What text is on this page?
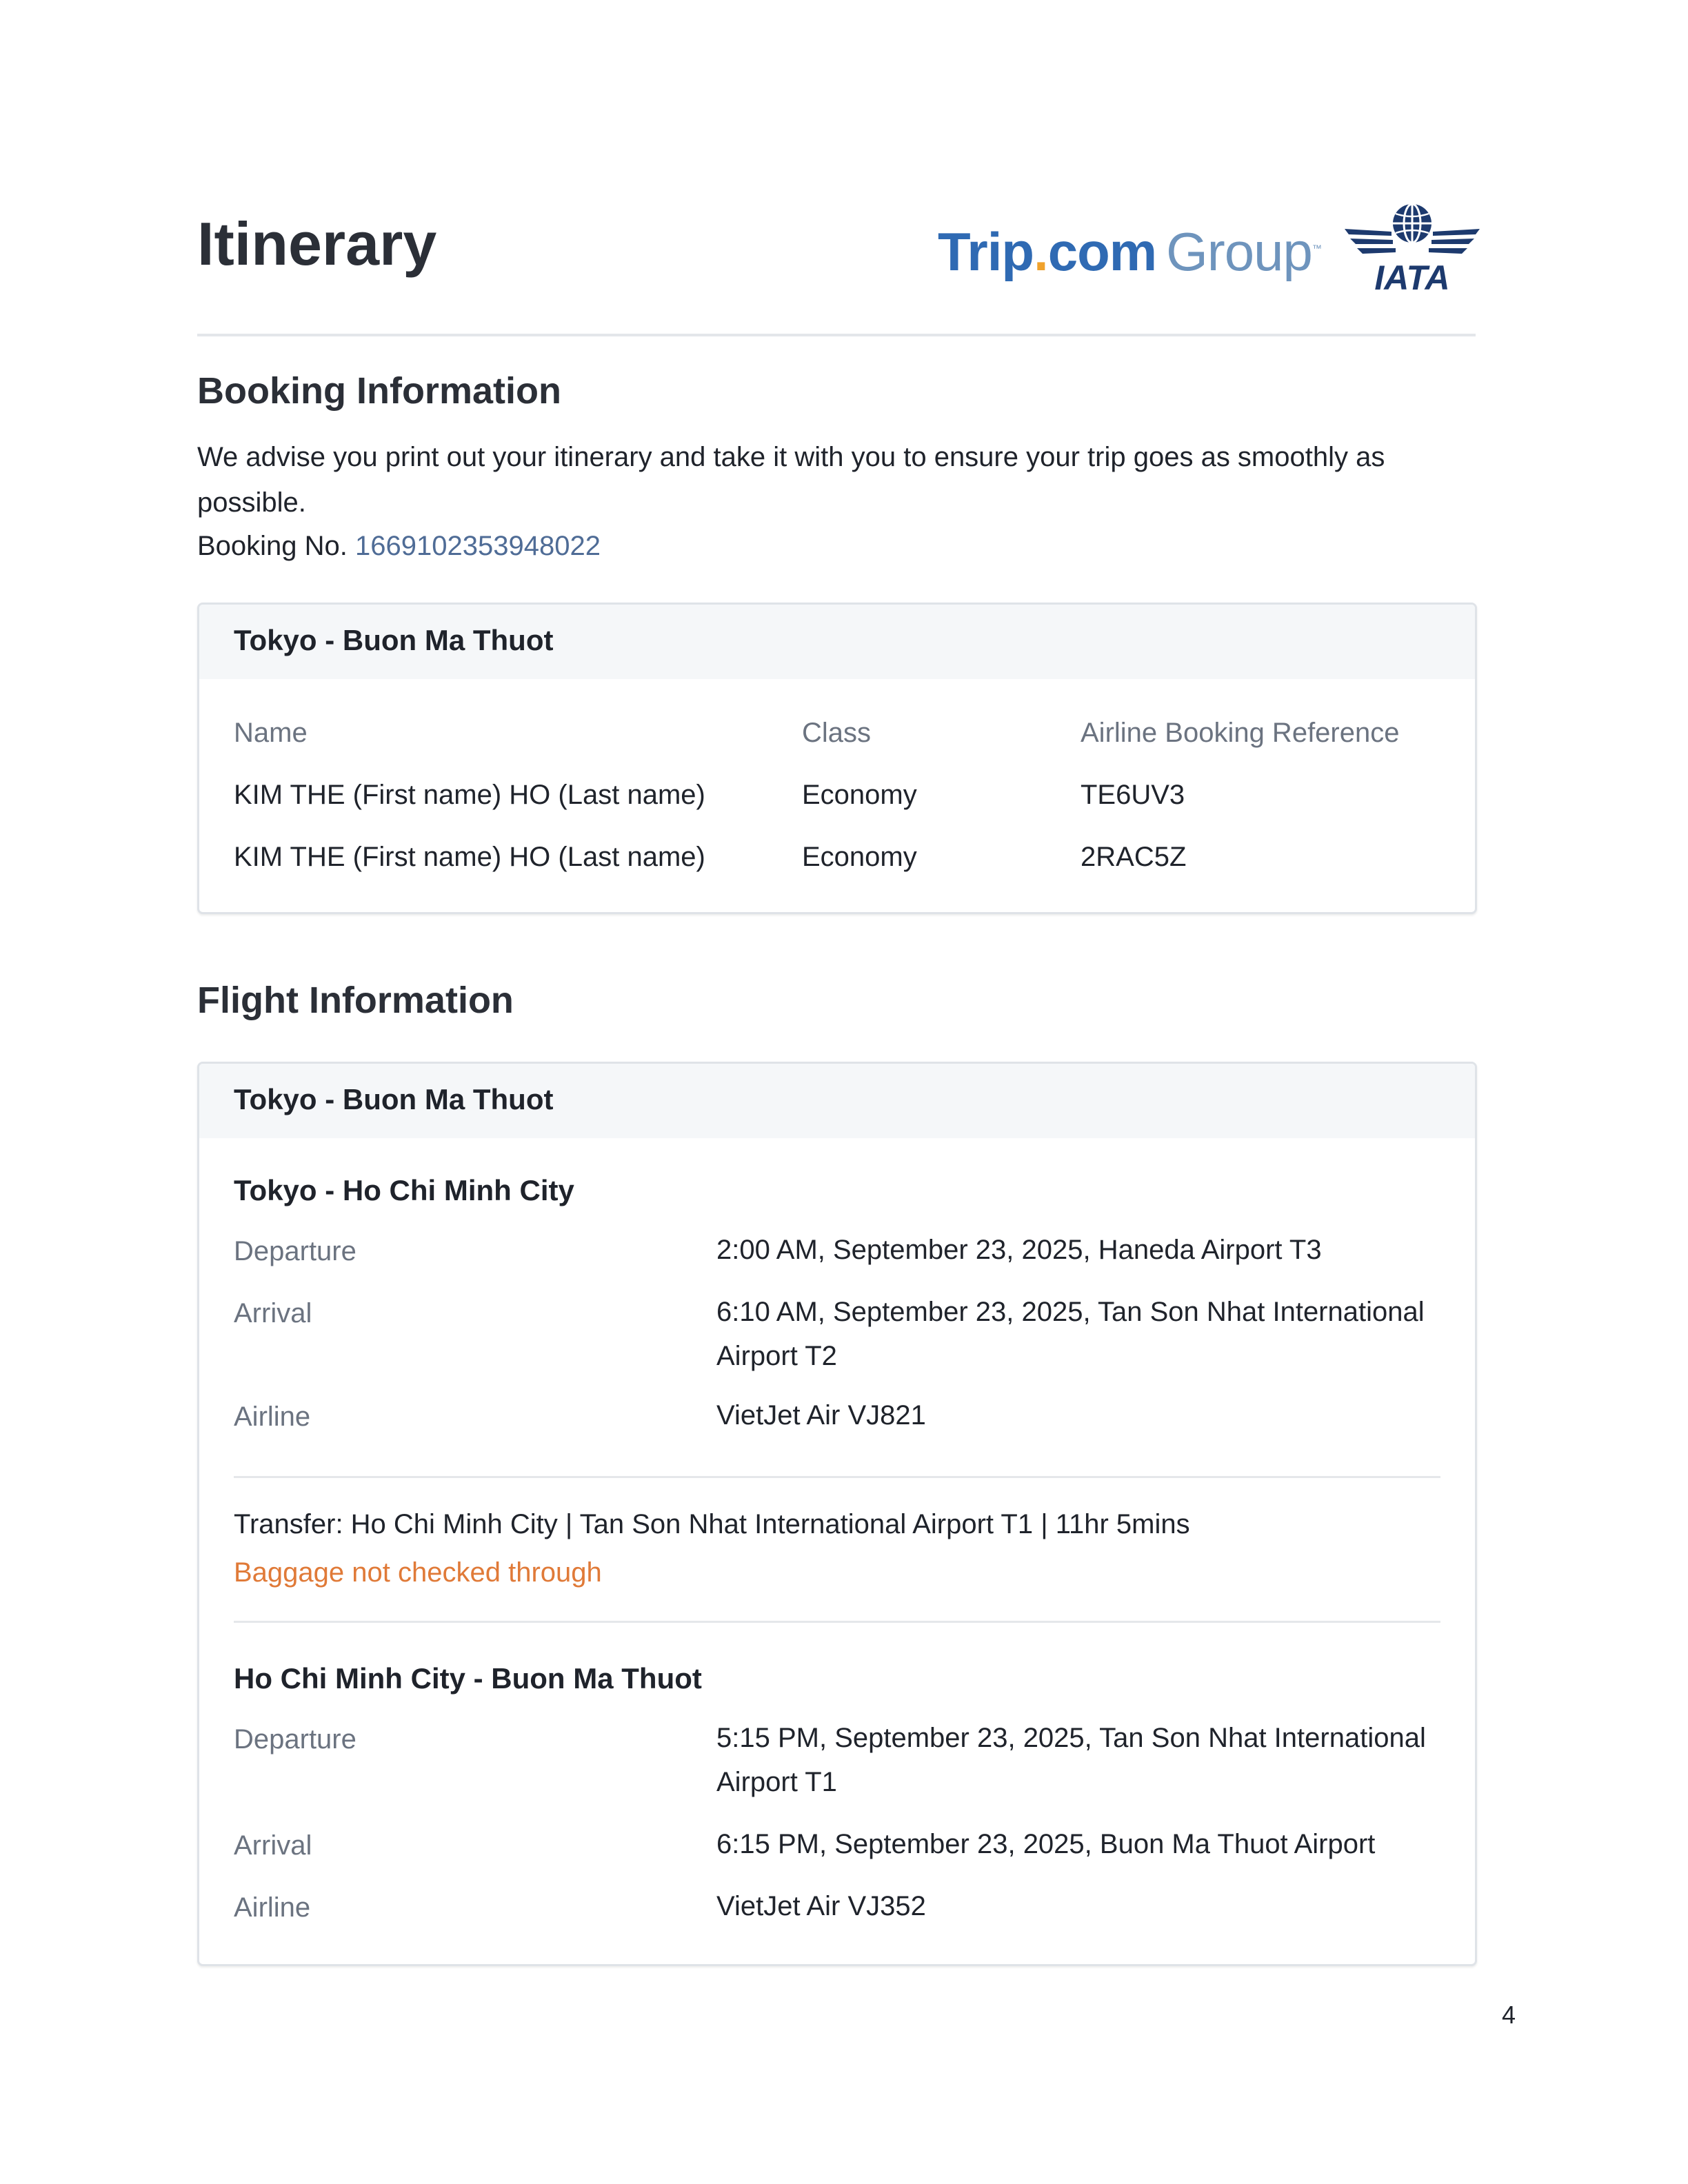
Itinerary	Trip.com Group™
IATA
Booking Information

We advise you print out your itinerary and take it with you to ensure your trip goes as smoothly as possible.

Booking No. 1669102353948022
Tokyo - Buon Ma Thuot
Name	Class	Airline Booking Reference
KIM THE (First name) HO (Last name)	Economy	TE6UV3
KIM THE (First name) HO (Last name)	Economy	2RAC5Z
Flight Information
Tokyo - Buon Ma Thuot
Tokyo - Ho Chi Minh City
Departure	2:00 AM, September 23, 2025, Haneda Airport T3
Arrival	6:10 AM, September 23, 2025, Tan Son Nhat International Airport T2
Airline	VietJet Air VJ821
Transfer: Ho Chi Minh City | Tan Son Nhat International Airport T1 | 11hr 5mins
Baggage not checked through
Ho Chi Minh City - Buon Ma Thuot
Departure	5:15 PM, September 23, 2025, Tan Son Nhat International Airport T1
Arrival	6:15 PM, September 23, 2025, Buon Ma Thuot Airport
Airline	VietJet Air VJ352
4
